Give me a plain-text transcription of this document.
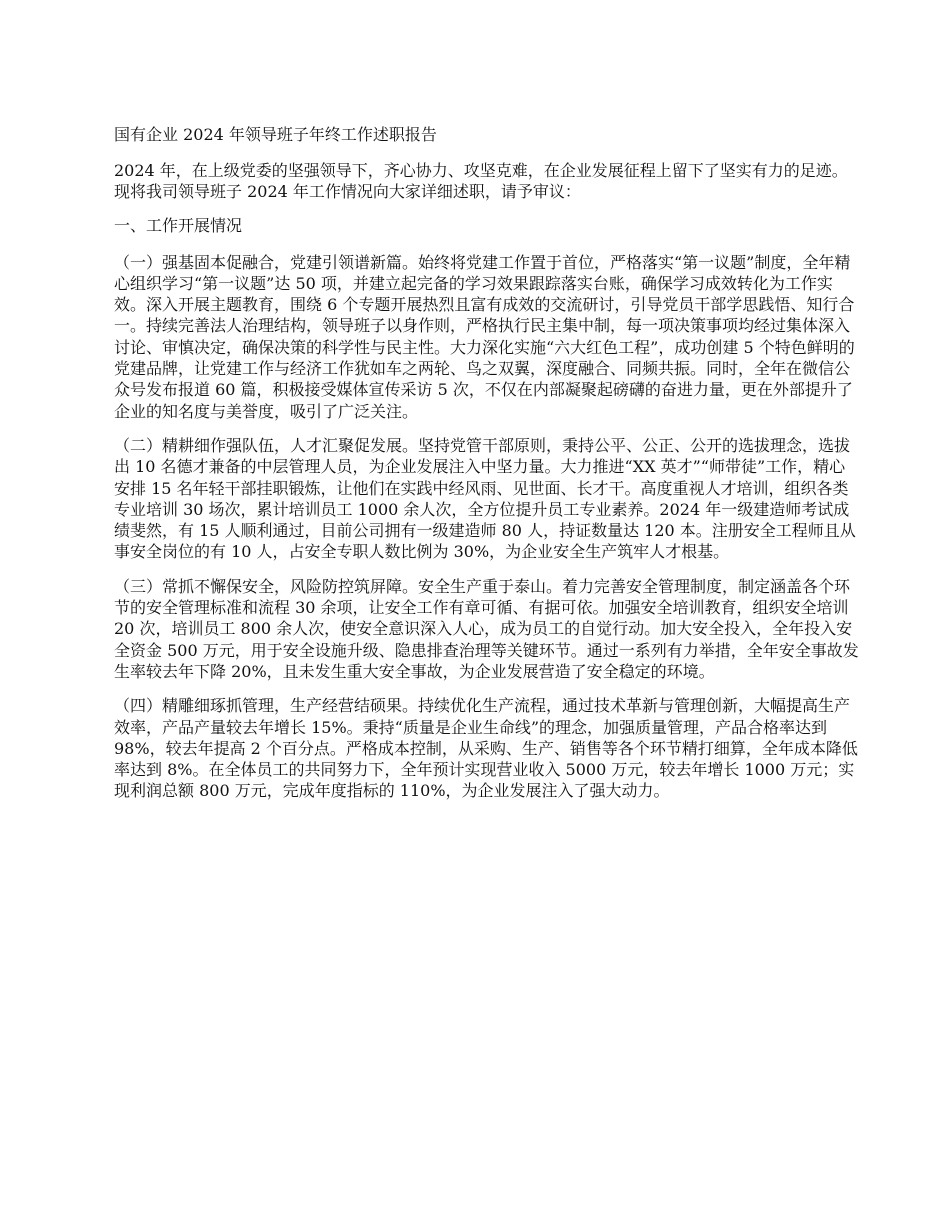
国有企业 2024 年领导班子年终工作述职报告
2024 年，在上级党委的坚强领导下，齐心协力、攻坚克难，在企业发展征程上留下了坚实有力的足迹。现将我司领导班子 2024 年工作情况向大家详细述职，请予审议：
一、工作开展情况
（一）强基固本促融合，党建引领谱新篇。始终将党建工作置于首位，严格落实“第一议题”制度，全年精心组织学习“第一议题”达 50 项，并建立起完备的学习效果跟踪落实台账，确保学习成效转化为工作实效。深入开展主题教育，围绕 6 个专题开展热烈且富有成效的交流研讨，引导党员干部学思践悟、知行合一。持续完善法人治理结构，领导班子以身作则，严格执行民主集中制，每一项决策事项均经过集体深入讨论、审慎决定，确保决策的科学性与民主性。大力深化实施“六大红色工程”，成功创建 5 个特色鲜明的党建品牌，让党建工作与经济工作犹如车之两轮、鸟之双翼，深度融合、同频共振。同时，全年在微信公众号发布报道 60 篇，积极接受媒体宣传采访 5 次，不仅在内部凝聚起磅礴的奋进力量，更在外部提升了企业的知名度与美誉度，吸引了广泛关注。
（二）精耕细作强队伍，人才汇聚促发展。坚持党管干部原则，秉持公平、公正、公开的选拔理念，选拔出 10 名德才兼备的中层管理人员，为企业发展注入中坚力量。大力推进“XX 英才”“师带徒”工作，精心安排 15 名年轻干部挂职锻炼，让他们在实践中经风雨、见世面、长才干。高度重视人才培训，组织各类专业培训 30 场次，累计培训员工 1000 余人次，全方位提升员工专业素养。2024 年一级建造师考试成绩斐然，有 15 人顺利通过，目前公司拥有一级建造师 80 人，持证数量达 120 本。注册安全工程师且从事安全岗位的有 10 人，占安全专职人数比例为 30%，为企业安全生产筑牢人才根基。
（三）常抓不懈保安全，风险防控筑屏障。安全生产重于泰山。着力完善安全管理制度，制定涵盖各个环节的安全管理标准和流程 30 余项，让安全工作有章可循、有据可依。加强安全培训教育，组织安全培训 20 次，培训员工 800 余人次，使安全意识深入人心，成为员工的自觉行动。加大安全投入，全年投入安全资金 500 万元，用于安全设施升级、隐患排查治理等关键环节。通过一系列有力举措，全年安全事故发生率较去年下降 20%，且未发生重大安全事故，为企业发展营造了安全稳定的环境。
（四）精雕细琢抓管理，生产经营结硕果。持续优化生产流程，通过技术革新与管理创新，大幅提高生产效率，产品产量较去年增长 15%。秉持“质量是企业生命线”的理念，加强质量管理，产品合格率达到 98%，较去年提高 2 个百分点。严格成本控制，从采购、生产、销售等各个环节精打细算，全年成本降低率达到 8%。在全体员工的共同努力下，全年预计实现营业收入 5000 万元，较去年增长 1000 万元；实现利润总额 800 万元，完成年度指标的 110%，为企业发展注入了强大动力。
